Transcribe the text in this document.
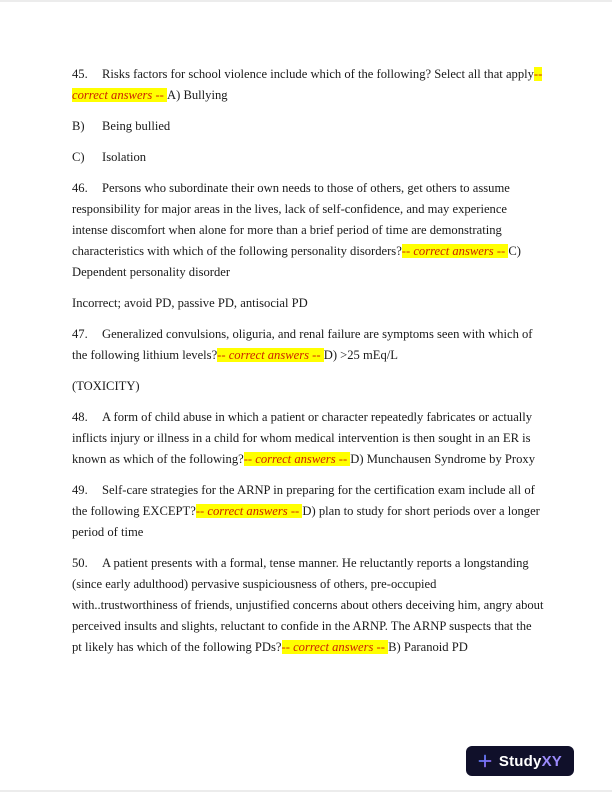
45. Risks factors for school violence include which of the following? Select all that apply-- correct answers -- A) Bullying

B) Being bullied

C) Isolation

46. Persons who subordinate their own needs to those of others, get others to assume responsibility for major areas in the lives, lack of self-confidence, and may experience intense discomfort when alone for more than a brief period of time are demonstrating characteristics with which of the following personality disorders?-- correct answers -- C) Dependent personality disorder

Incorrect; avoid PD, passive PD, antisocial PD

47. Generalized convulsions, oliguria, and renal failure are symptoms seen with which of the following lithium levels?-- correct answers -- D) >25 mEq/L

(TOXICITY)

48. A form of child abuse in which a patient or character repeatedly fabricates or actually inflicts injury or illness in a child for whom medical intervention is then sought in an ER is known as which of the following?-- correct answers -- D) Munchausen Syndrome by Proxy

49. Self-care strategies for the ARNP in preparing for the certification exam include all of the following EXCEPT?-- correct answers -- D) plan to study for short periods over a longer period of time

50. A patient presents with a formal, tense manner. He reluctantly reports a longstanding (since early adulthood) pervasive suspiciousness of others, pre-occupied with..trustworthiness of friends, unjustified concerns about others deceiving him, angry about perceived insults and slights, reluctant to confide in the ARNP. The ARNP suspects that the pt likely has which of the following PDs?-- correct answers -- B) Paranoid PD

StudyXY
